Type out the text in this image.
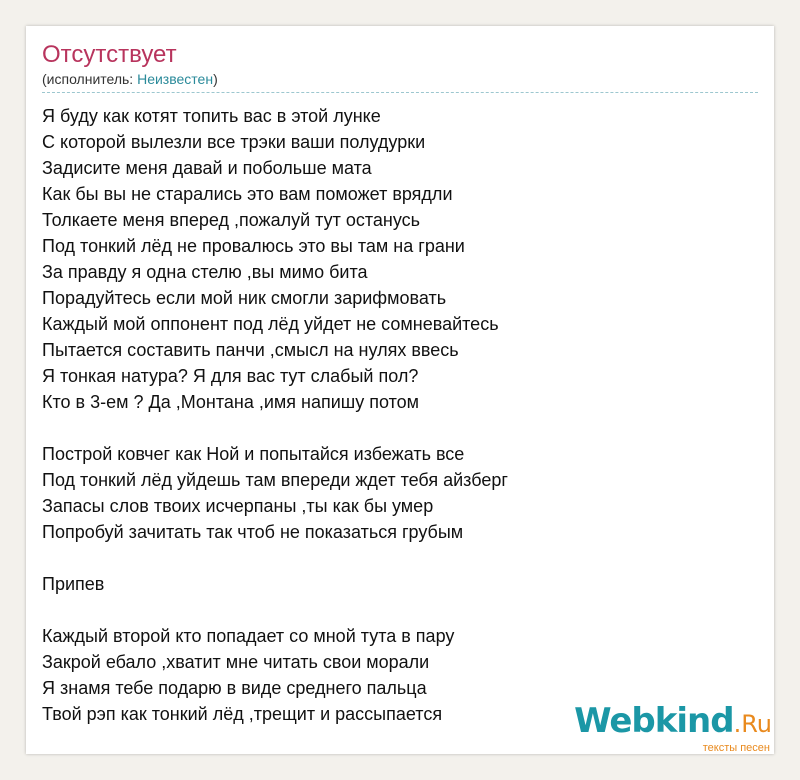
Отсутствует
(исполнитель: Неизвестен)
Я буду как котят топить вас в этой лунке
С которой вылезли все трэки ваши полудурки
Задисите меня давай и побольше мата
Как бы вы не старались это вам поможет врядли
Толкаете меня вперед ,пожалуй тут останусь
Под тонкий лёд не провалюсь это вы там на грани
За правду я одна стелю ,вы мимо бита
Порадуйтесь если мой ник смогли зарифмовать
Каждый мой оппонент под лёд уйдет не сомневайтесь
Пытается составить панчи ,смысл на нулях ввесь
Я тонкая натура? Я для вас тут слабый пол?
Кто в 3-ем ? Да ,Монтана ,имя напишу потом
Построй ковчег как Ной и попытайся избежать все
Под тонкий лёд уйдешь там впереди ждет тебя айзберг
Запасы слов твоих исчерпаны ,ты как бы умер
Попробуй зачитать так чтоб не показаться грубым
Припев
Каждый второй кто попадает со мной тута в пару
Закрой ебало ,хватит мне читать свои морали
Я знамя тебе подарю в виде среднего пальца
Твой рэп как тонкий лёд ,трещит и рассыпается	Webkind.Ru
тексты песен
